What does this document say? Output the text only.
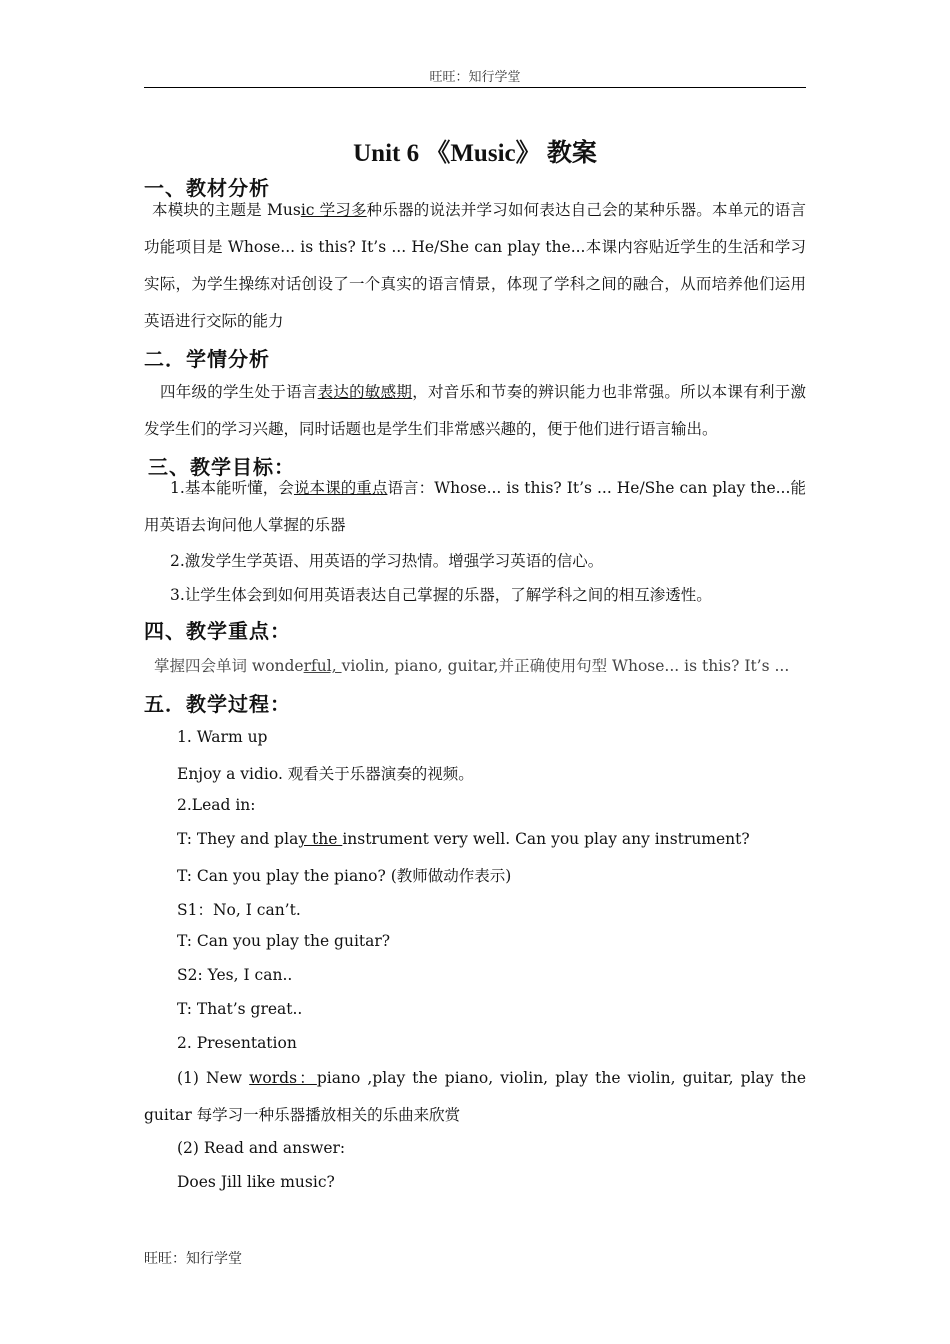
旺旺：知行学堂
Unit 6 《Music》 教案
一、教材分析

本模块的主题是 Music 学习多种乐器的说法并学习如何表达自己会的某种乐器。本单元的语言功能项目是 Whose... is this? It’s ... He/She can play the...本课内容贴近学生的生活和学习实际，为学生操练对话创设了一个真实的语言情景，体现了学科之间的融合，从而培养他们运用英语进行交际的能力

二．学情分析

四年级的学生处于语言表达的敏感期，对音乐和节奏的辨识能力也非常强。所以本课有利于激发学生们的学习兴趣，同时话题也是学生们非常感兴趣的，便于他们进行语言输出。

三、教学目标：

1.基本能听懂，会说本课的重点语言：Whose... is this? It’s ... He/She can play the...能用英语去询问他人掌握的乐器

2.激发学生学英语、用英语的学习热情。增强学习英语的信心。
3.让学生体会到如何用英语表达自己掌握的乐器，了解学科之间的相互渗透性。
四、教学重点：
掌握四会单词 wonderful, violin, piano, guitar,并正确使用句型 Whose... is this? It’s ...
五．教学过程：
1. Warm up
Enjoy a vidio. 观看关于乐器演奏的视频。
2.Lead in:
T: They and play the instrument very well. Can you play any instrument?
T: Can you play the piano? (教师做动作表示)
S1：No, I can’t.
T: Can you play the guitar?
S2: Yes, I can..
T: That’s great..
2. Presentation

(1) New words：piano ,play the piano, violin, play the violin, guitar, play the guitar 每学习一种乐器播放相关的乐曲来欣赏

(2) Read and answer:
Does Jill like music?
旺旺：知行学堂
